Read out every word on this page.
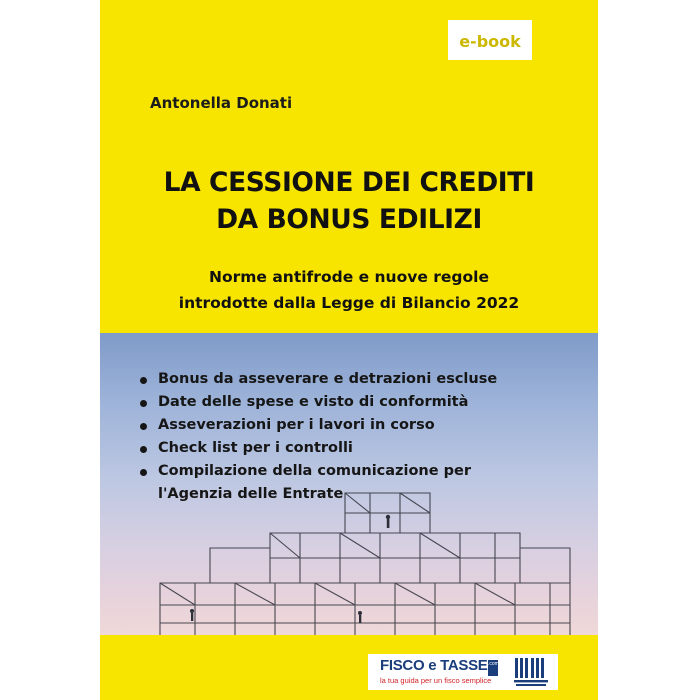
e-book
Antonella Donati
LA CESSIONE DEI CREDITI
DA BONUS EDILIZI
Norme antifrode e nuove regole
introdotte dalla Legge di Bilancio 2022
Bonus da asseverare e detrazioni escluse
Date delle spese e visto di conformità
Asseverazioni per i lavori in corso
Check list per i controlli
Compilazione della comunicazione per l'Agenzia delle Entrate
FISCO e TASSE
la tua guida per un fisco semplice
.com
